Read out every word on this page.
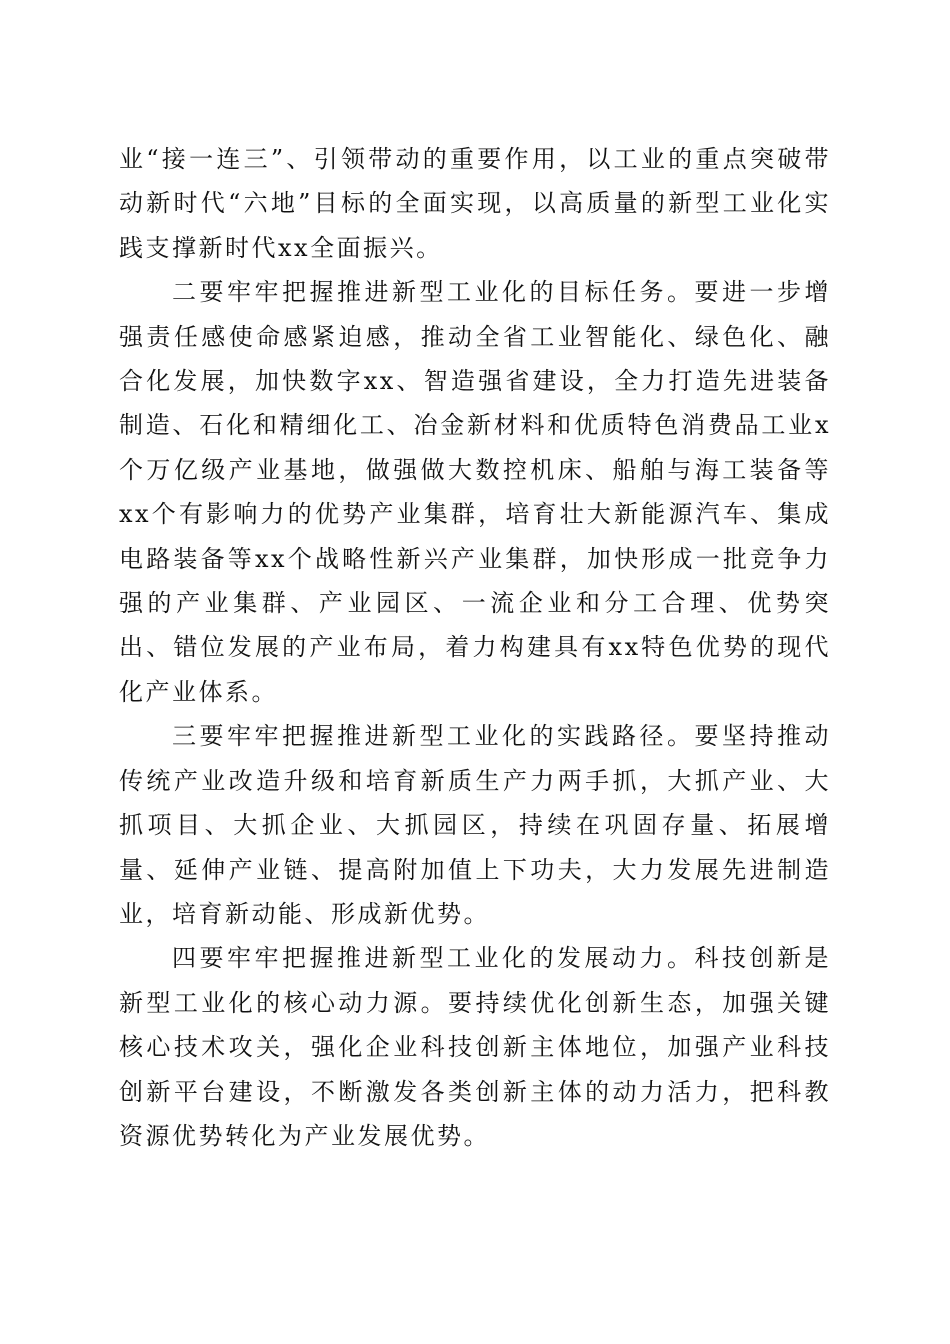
业“接一连三”、引领带动的重要作用，以工业的重点突破带动新时代“六地”目标的全面实现，以高质量的新型工业化实践支撑新时代xx全面振兴。

二要牢牢把握推进新型工业化的目标任务。要进一步增强责任感使命感紧迫感，推动全省工业智能化、绿色化、融合化发展，加快数字xx、智造强省建设，全力打造先进装备制造、石化和精细化工、冶金新材料和优质特色消费品工业x个万亿级产业基地，做强做大数控机床、船舶与海工装备等xx个有影响力的优势产业集群，培育壮大新能源汽车、集成电路装备等xx个战略性新兴产业集群，加快形成一批竞争力强的产业集群、产业园区、一流企业和分工合理、优势突出、错位发展的产业布局，着力构建具有xx特色优势的现代化产业体系。

三要牢牢把握推进新型工业化的实践路径。要坚持推动传统产业改造升级和培育新质生产力两手抓，大抓产业、大抓项目、大抓企业、大抓园区，持续在巩固存量、拓展增量、延伸产业链、提高附加值上下功夫，大力发展先进制造业，培育新动能、形成新优势。

四要牢牢把握推进新型工业化的发展动力。科技创新是新型工业化的核心动力源。要持续优化创新生态，加强关键核心技术攻关，强化企业科技创新主体地位，加强产业科技创新平台建设，不断激发各类创新主体的动力活力，把科教资源优势转化为产业发展优势。
